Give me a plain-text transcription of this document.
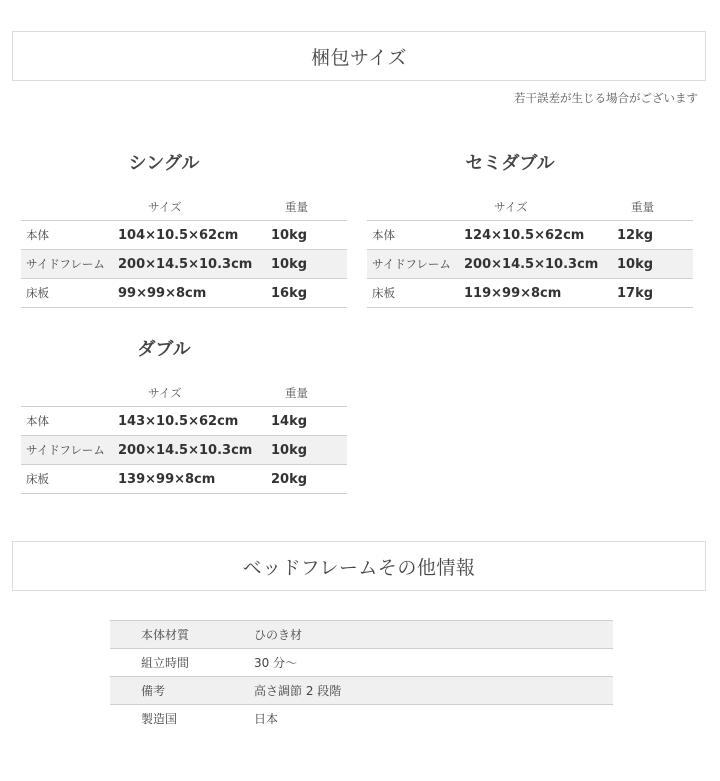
梱包サイズ
若干誤差が生じる場合がございます
シングル
	サイズ	重量
本体	104×10.5×62cm	10kg
サイドフレーム	200×14.5×10.3cm	10kg
床板	99×99×8cm	16kg
セミダブル
	サイズ	重量
本体	124×10.5×62cm	12kg
サイドフレーム	200×14.5×10.3cm	10kg
床板	119×99×8cm	17kg
ダブル
	サイズ	重量
本体	143×10.5×62cm	14kg
サイドフレーム	200×14.5×10.3cm	10kg
床板	139×99×8cm	20kg
ベッドフレームその他情報
本体材質	ひのき材
組立時間	30 分〜
備考	高さ調節 2 段階
製造国	日本
